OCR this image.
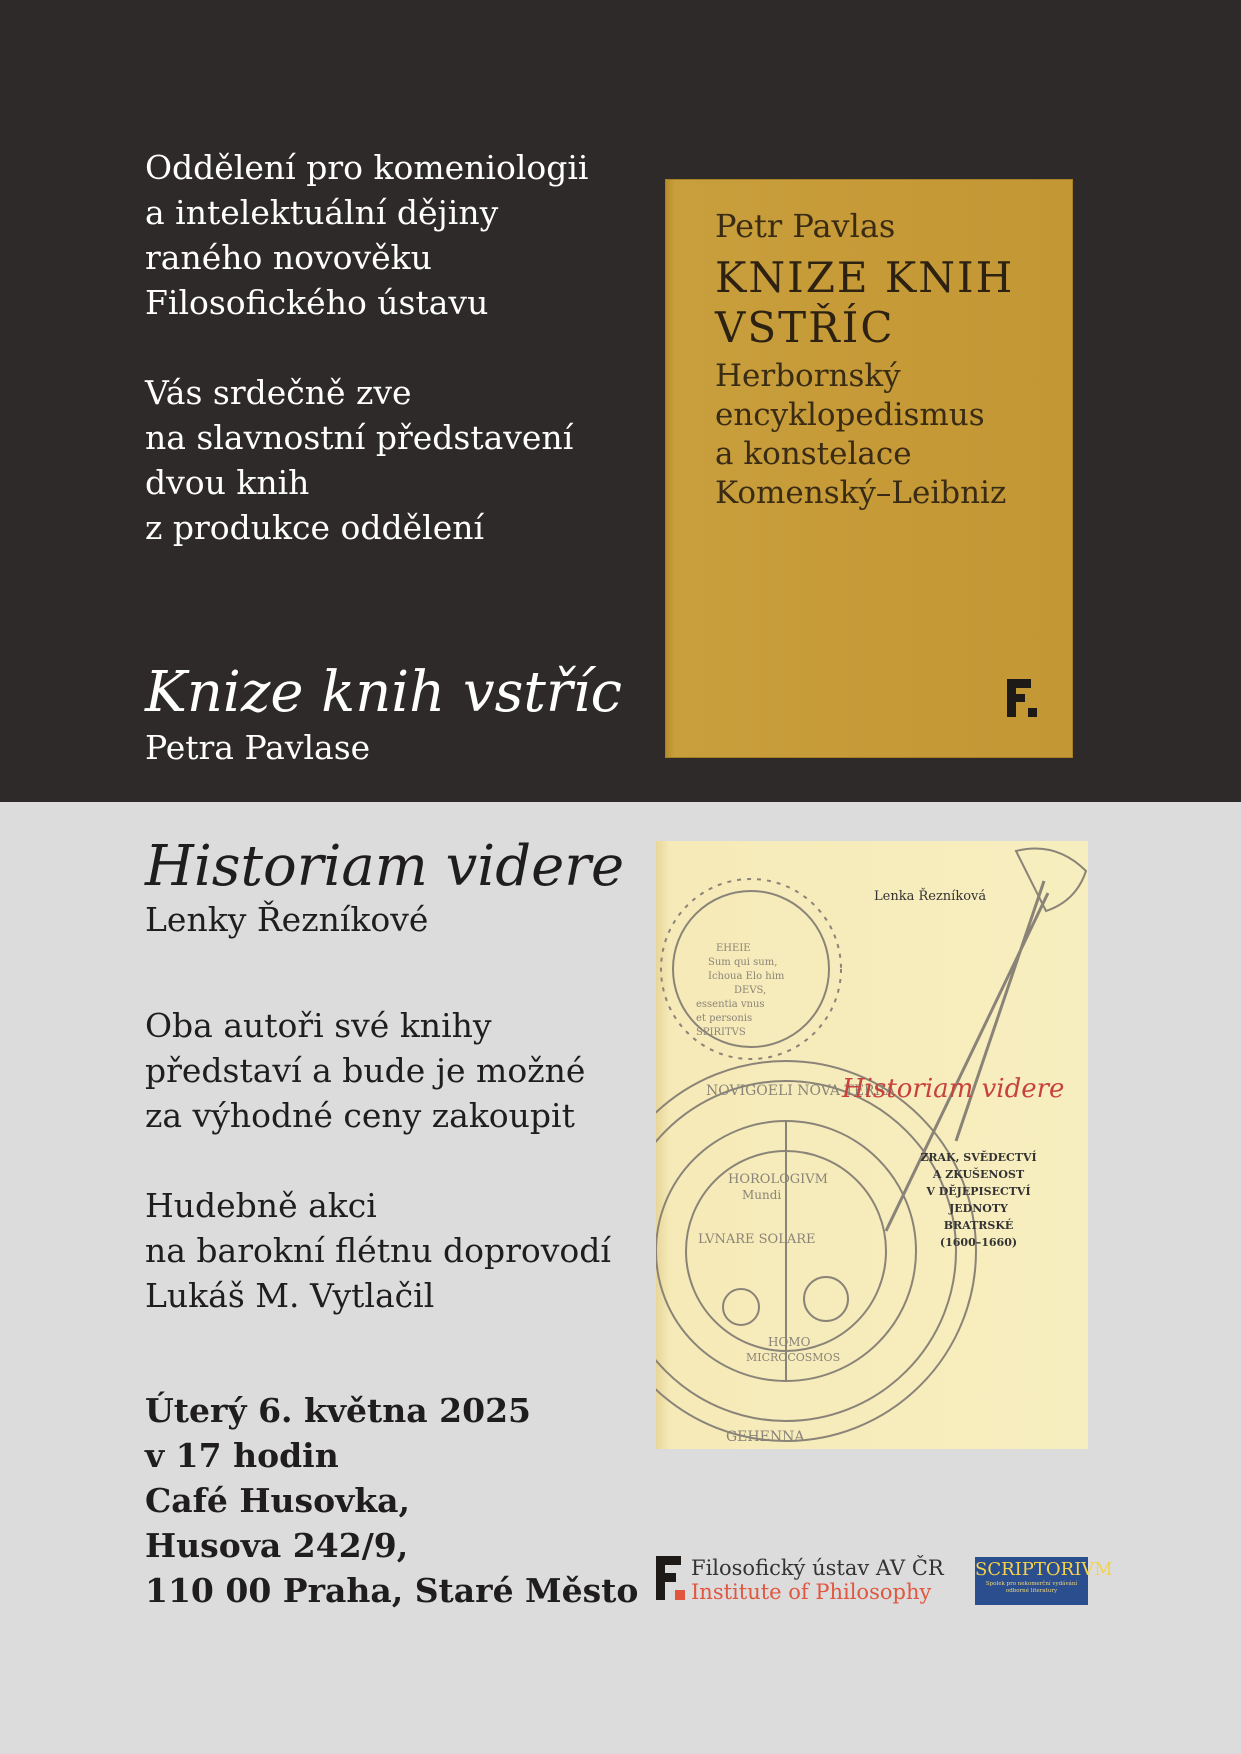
Oddělení pro komeniologii
a intelektuální dějiny
raného novověku
Filosofického ústavu

Vás srdečně zve
na slavnostní představení
dvou knih
z produkce oddělení

Knize knih vstříc
Petra Pavlase
Petr Pavlas
KNIZE KNIH
VSTŘÍC
Herbornský
encyklopedismus
a konstelace
Komenský–Leibniz
Historiam videre
Lenky Řezníkové

Oba autoři své knihy
představí a bude je možné
za výhodné ceny zakoupit

Hudebně akci
na barokní flétnu doprovodí
Lukáš M. Vytlačil

Úterý 6. května 2025
v 17 hodin
Café Husovka,
Husova 242/9,
110 00 Praha, Staré Město
EHEIE
Sum qui sum,
Ichoua Elo him
DEVS,
essentia vnus
et personis
SPIRITVS
NOVIGOELI NOVA TERRA
HOROLOGIVM
Mundi
LVNARE SOLARE
HOMO
MICROCOSMOS
GEHENNA
Lenka Řezníková
Historiam videre
ZRAK, SVĚDECTVÍ
A ZKUŠENOST
V DĚJEPISECTVÍ
JEDNOTY
BRATRSKÉ
(1600–1660)
Filosofický ústav AV ČR
Institute of Philosophy
SCRIPTORIVM
Spolek pro nekomerční vydávání
odborné literatury
